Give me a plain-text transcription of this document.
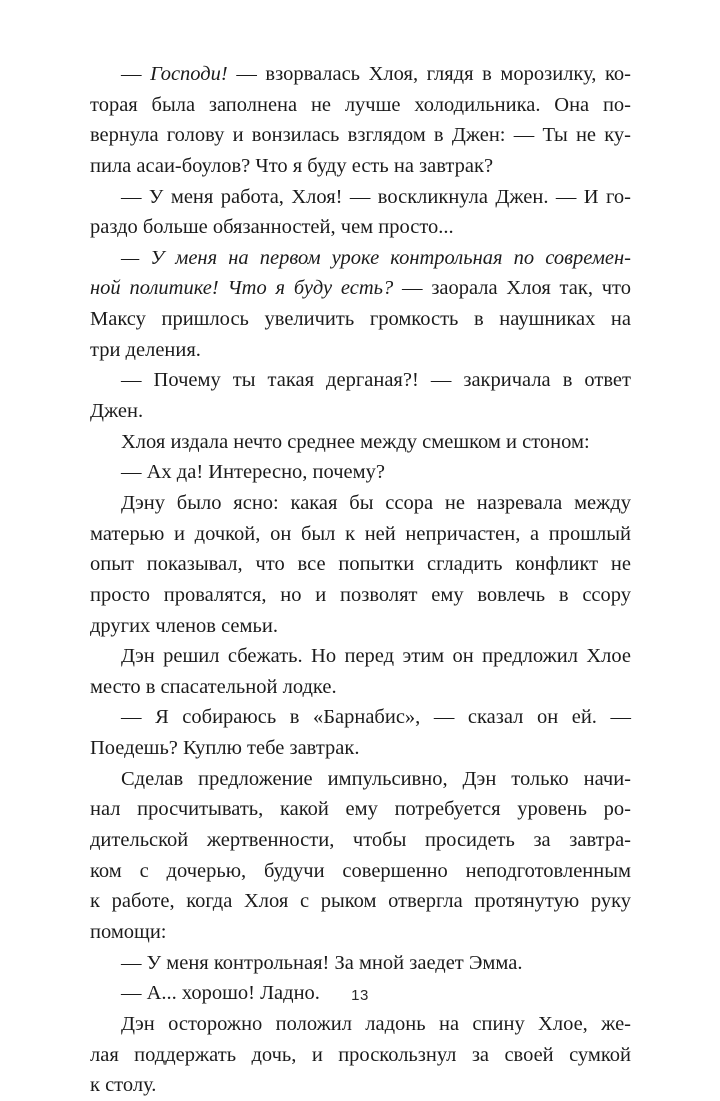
— Господи! — взорвалась Хлоя, глядя в морозилку, ко-
торая была заполнена не лучше холодильника. Она по-
вернула голову и вонзилась взглядом в Джен: — Ты не ку-
пила асаи-боулов? Что я буду есть на завтрак?
— У меня работа, Хлоя! — воскликнула Джен. — И го-
раздо больше обязанностей, чем просто...
— У меня на первом уроке контрольная по современ-
ной политике! Что я буду есть? — заорала Хлоя так, что
Максу пришлось увеличить громкость в наушниках на
три деления.
— Почему ты такая дерганая?! — закричала в ответ
Джен.
Хлоя издала нечто среднее между смешком и стоном:
— Ах да! Интересно, почему?
Дэну было ясно: какая бы ссора не назревала между
матерью и дочкой, он был к ней непричастен, а прошлый
опыт показывал, что все попытки сгладить конфликт не
просто провалятся, но и позволят ему вовлечь в ссору
других членов семьи.
Дэн решил сбежать. Но перед этим он предложил Хлое
место в спасательной лодке.
— Я собираюсь в «Барнабис», — сказал он ей. —
Поедешь? Куплю тебе завтрак.
Сделав предложение импульсивно, Дэн только начи-
нал просчитывать, какой ему потребуется уровень ро-
дительской жертвенности, чтобы просидеть за завтра-
ком с дочерью, будучи совершенно неподготовленным
к работе, когда Хлоя с рыком отвергла протянутую руку
помощи:
— У меня контрольная! За мной заедет Эмма.
— А... хорошо! Ладно.
Дэн осторожно положил ладонь на спину Хлое, же-
лая поддержать дочь, и проскользнул за своей сумкой
к столу.
13
